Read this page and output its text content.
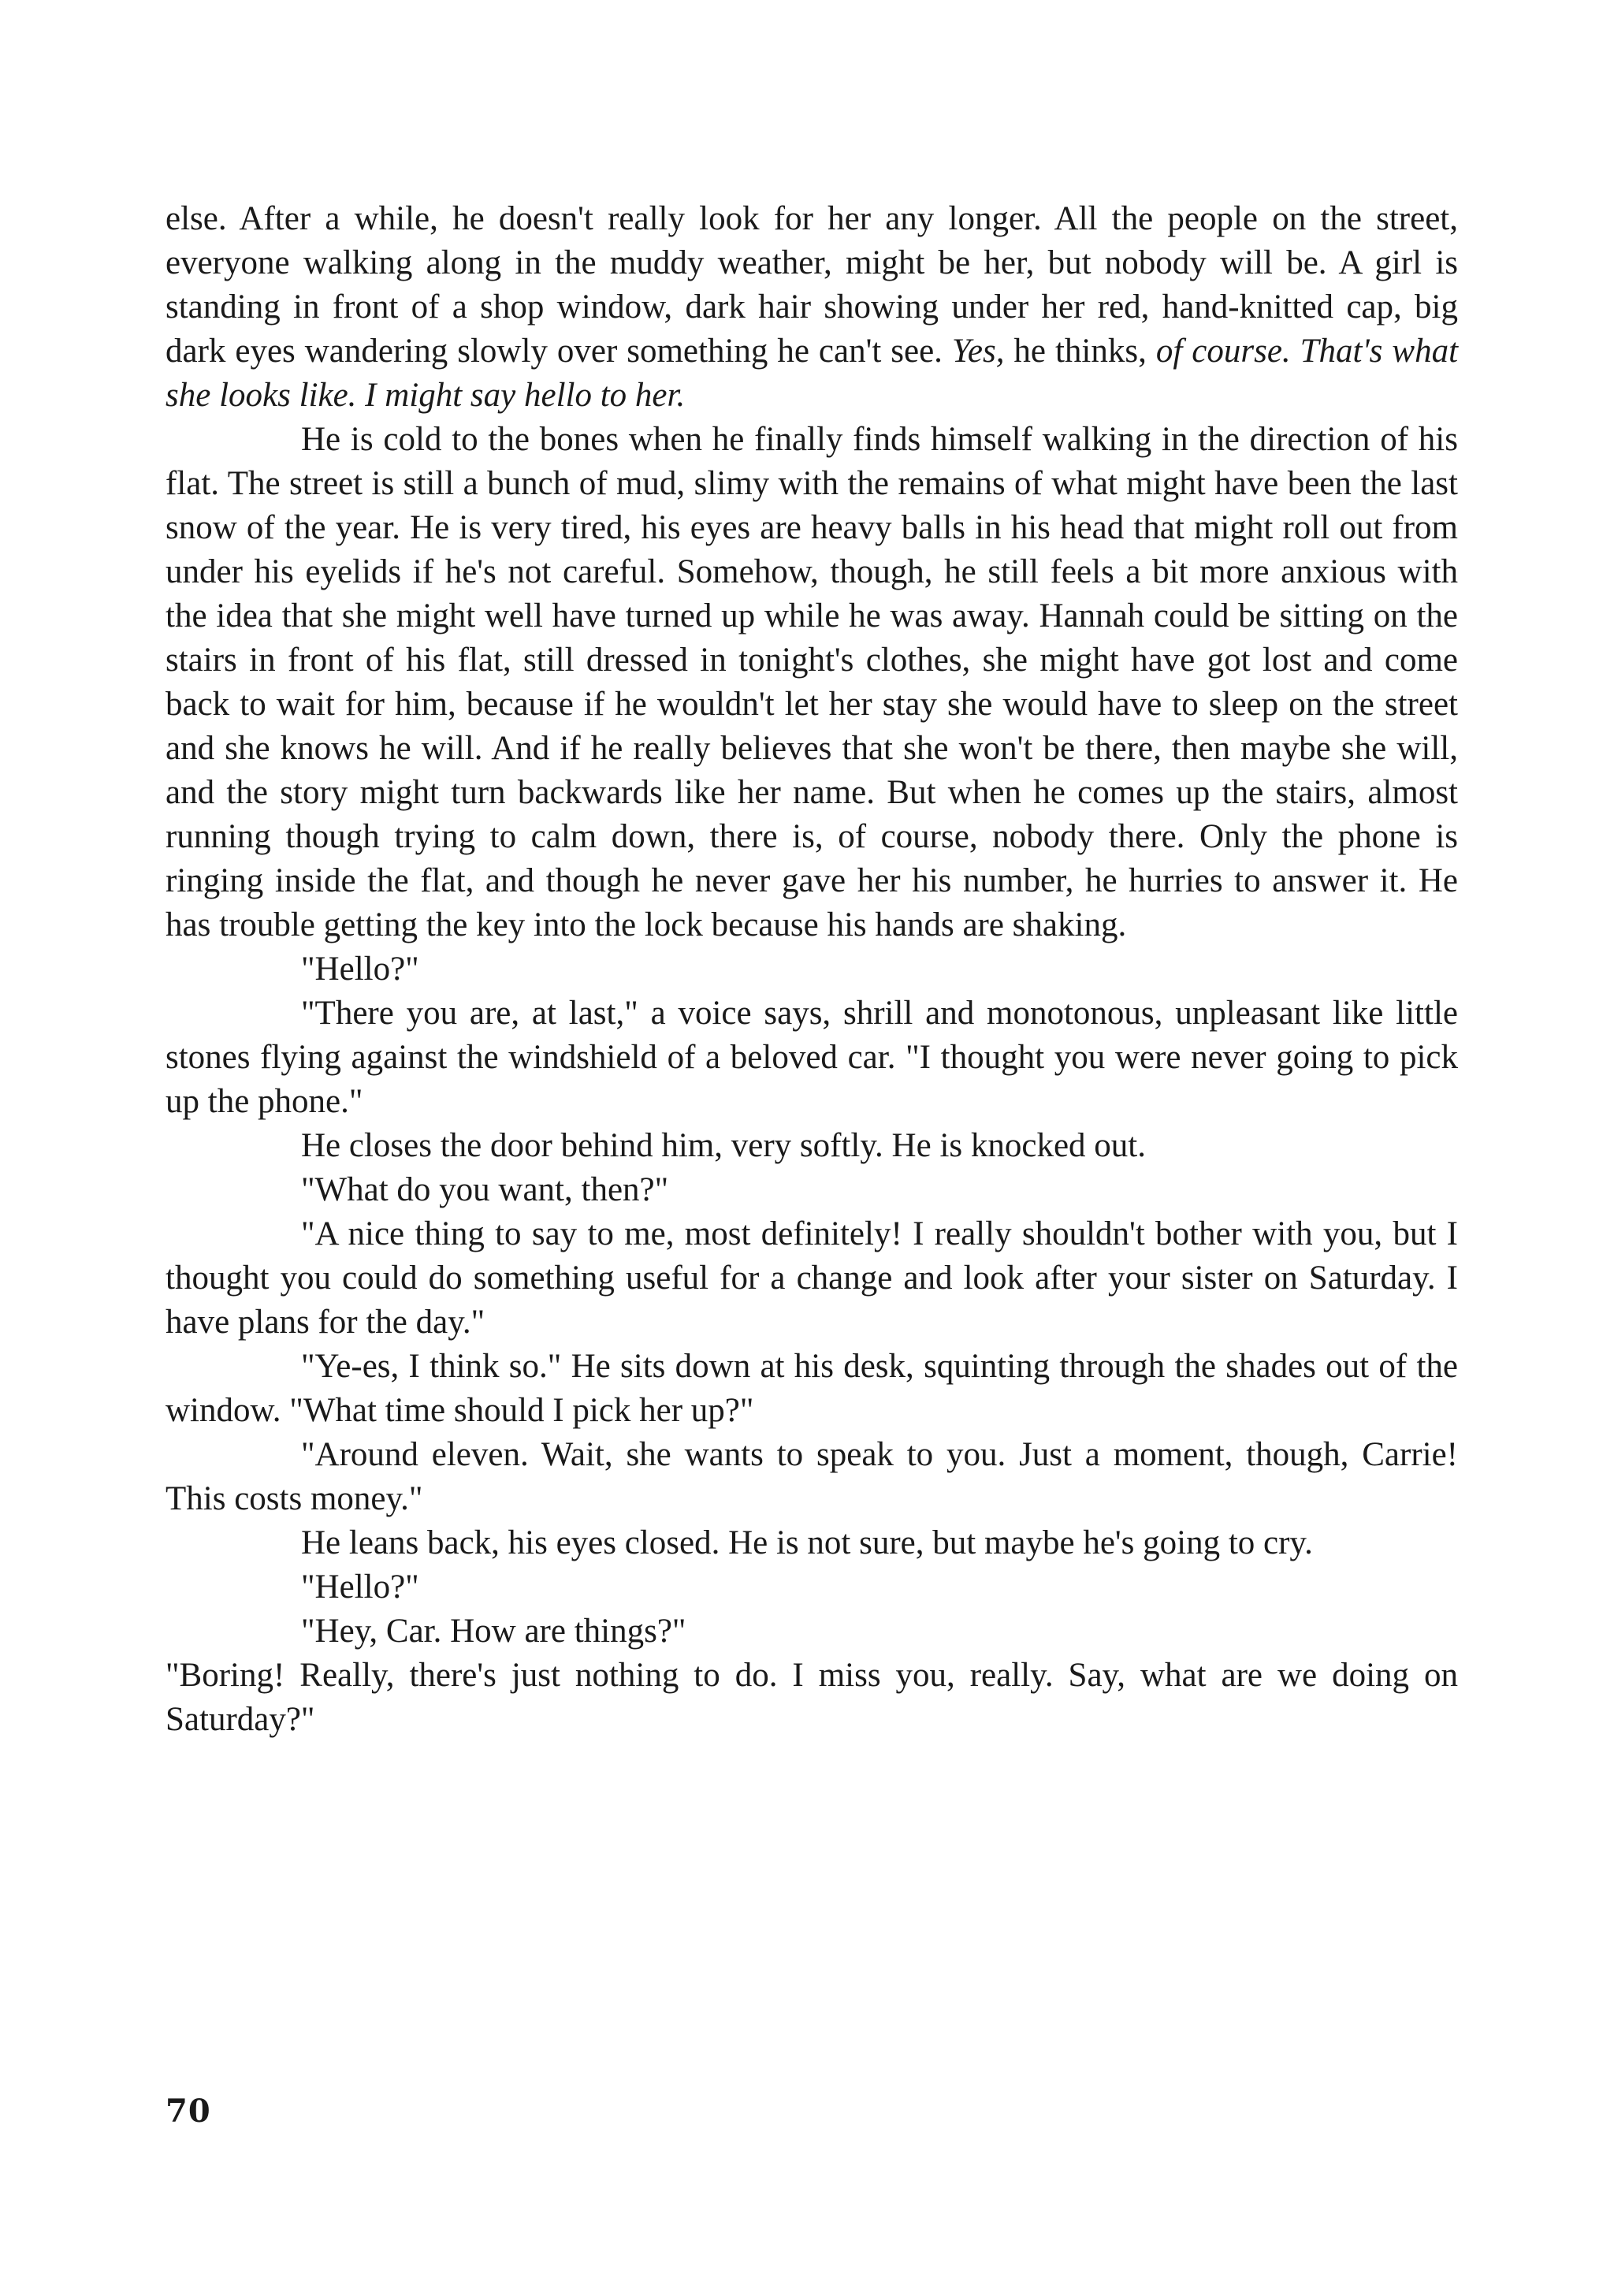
else. After a while, he doesn't really look for her any longer. All the people on the street, everyone walking along in the muddy weather, might be her, but nobody will be. A girl is standing in front of a shop window, dark hair showing under her red, hand-knitted cap, big dark eyes wandering slowly over something he can't see. Yes, he thinks, of course. That's what she looks like. I might say hello to her.

He is cold to the bones when he finally finds himself walking in the direction of his flat. The street is still a bunch of mud, slimy with the remains of what might have been the last snow of the year. He is very tired, his eyes are heavy balls in his head that might roll out from under his eyelids if he's not careful. Somehow, though, he still feels a bit more anxious with the idea that she might well have turned up while he was away. Hannah could be sitting on the stairs in front of his flat, still dressed in tonight's clothes, she might have got lost and come back to wait for him, because if he wouldn't let her stay she would have to sleep on the street and she knows he will. And if he really believes that she won't be there, then maybe she will, and the story might turn backwards like her name. But when he comes up the stairs, almost running though trying to calm down, there is, of course, nobody there. Only the phone is ringing inside the flat, and though he never gave her his number, he hurries to answer it. He has trouble getting the key into the lock because his hands are shaking.

"Hello?"

"There you are, at last," a voice says, shrill and monotonous, unpleasant like little stones flying against the windshield of a beloved car. "I thought you were never going to pick up the phone."

He closes the door behind him, very softly. He is knocked out.

"What do you want, then?"

"A nice thing to say to me, most definitely! I really shouldn't bother with you, but I thought you could do something useful for a change and look after your sister on Saturday. I have plans for the day."

"Ye-es, I think so." He sits down at his desk, squinting through the shades out of the window. "What time should I pick her up?"

"Around eleven. Wait, she wants to speak to you. Just a moment, though, Carrie! This costs money."

He leans back, his eyes closed. He is not sure, but maybe he's going to cry.

"Hello?"

"Hey, Car. How are things?"

"Boring! Really, there's just nothing to do. I miss you, really. Say, what are we doing on Saturday?"

70
